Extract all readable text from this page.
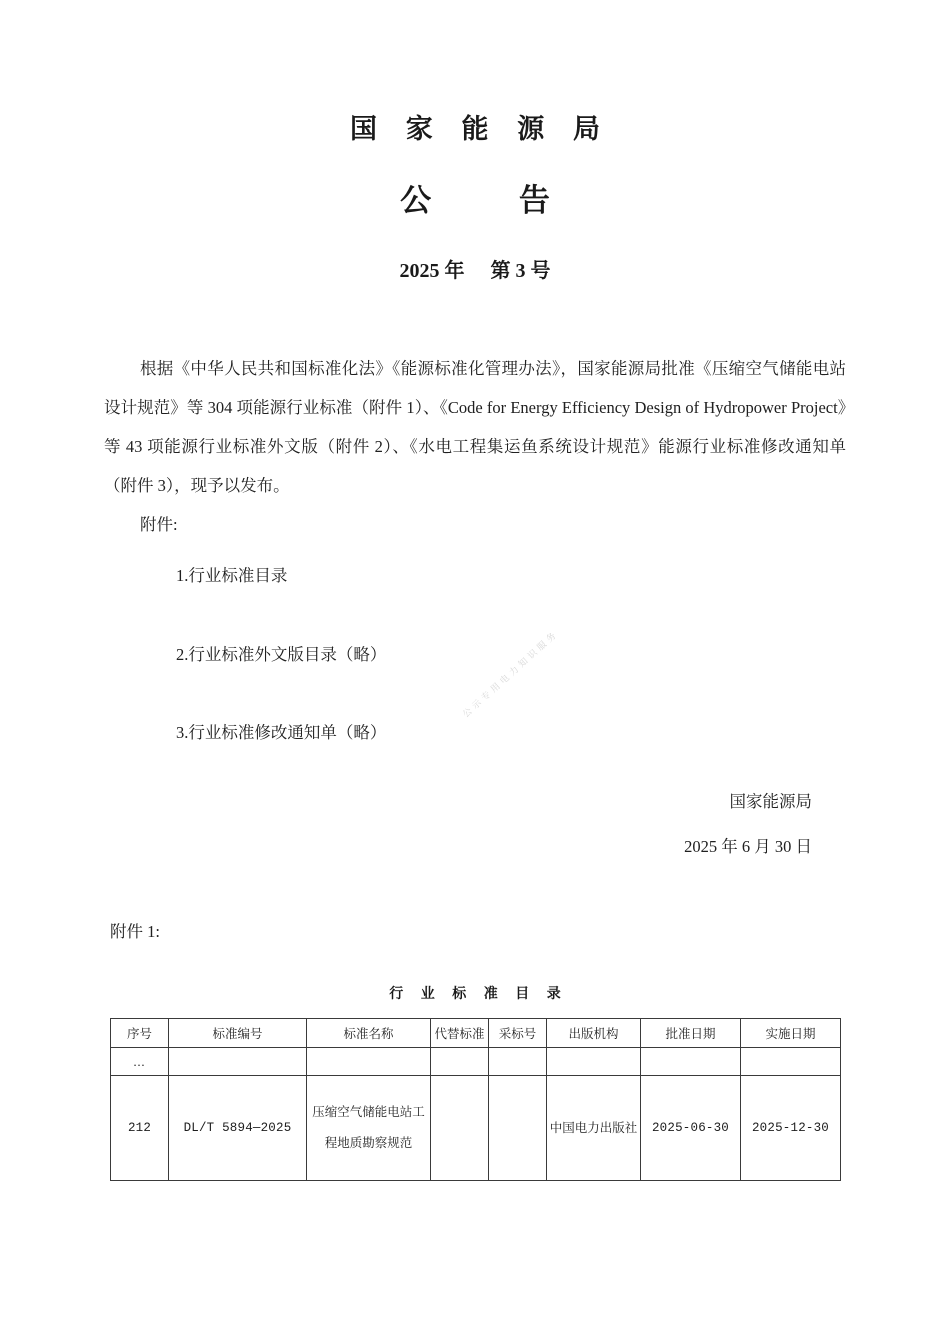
公 示 专 用 电 力 知 识 服 务
国 家 能 源 局
公 告
2025 年 第 3 号

根据《中华人民共和国标准化法》《能源标准化管理办法》，国家能源局批准《压缩空气储能电站设计规范》等 304 项能源行业标准（附件 1）、《Code for Energy Efficiency Design of Hydropower Project》等 43 项能源行业标准外文版（附件 2）、《水电工程集运鱼系统设计规范》能源行业标准修改通知单（附件 3），现予以发布。

附件:

1.行业标准目录
2.行业标准外文版目录（略）
3.行业标准修改通知单（略）
国家能源局
2025 年 6 月 30 日
附件 1:
行 业 标 准 目 录
序号	标准编号	标准名称	代替标准	采标号	出版机构	批准日期	实施日期
…							
212	DL/T 5894—2025	压缩空气储能电站工程地质勘察规范			中国电力出版社	2025-06-30	2025-12-30
